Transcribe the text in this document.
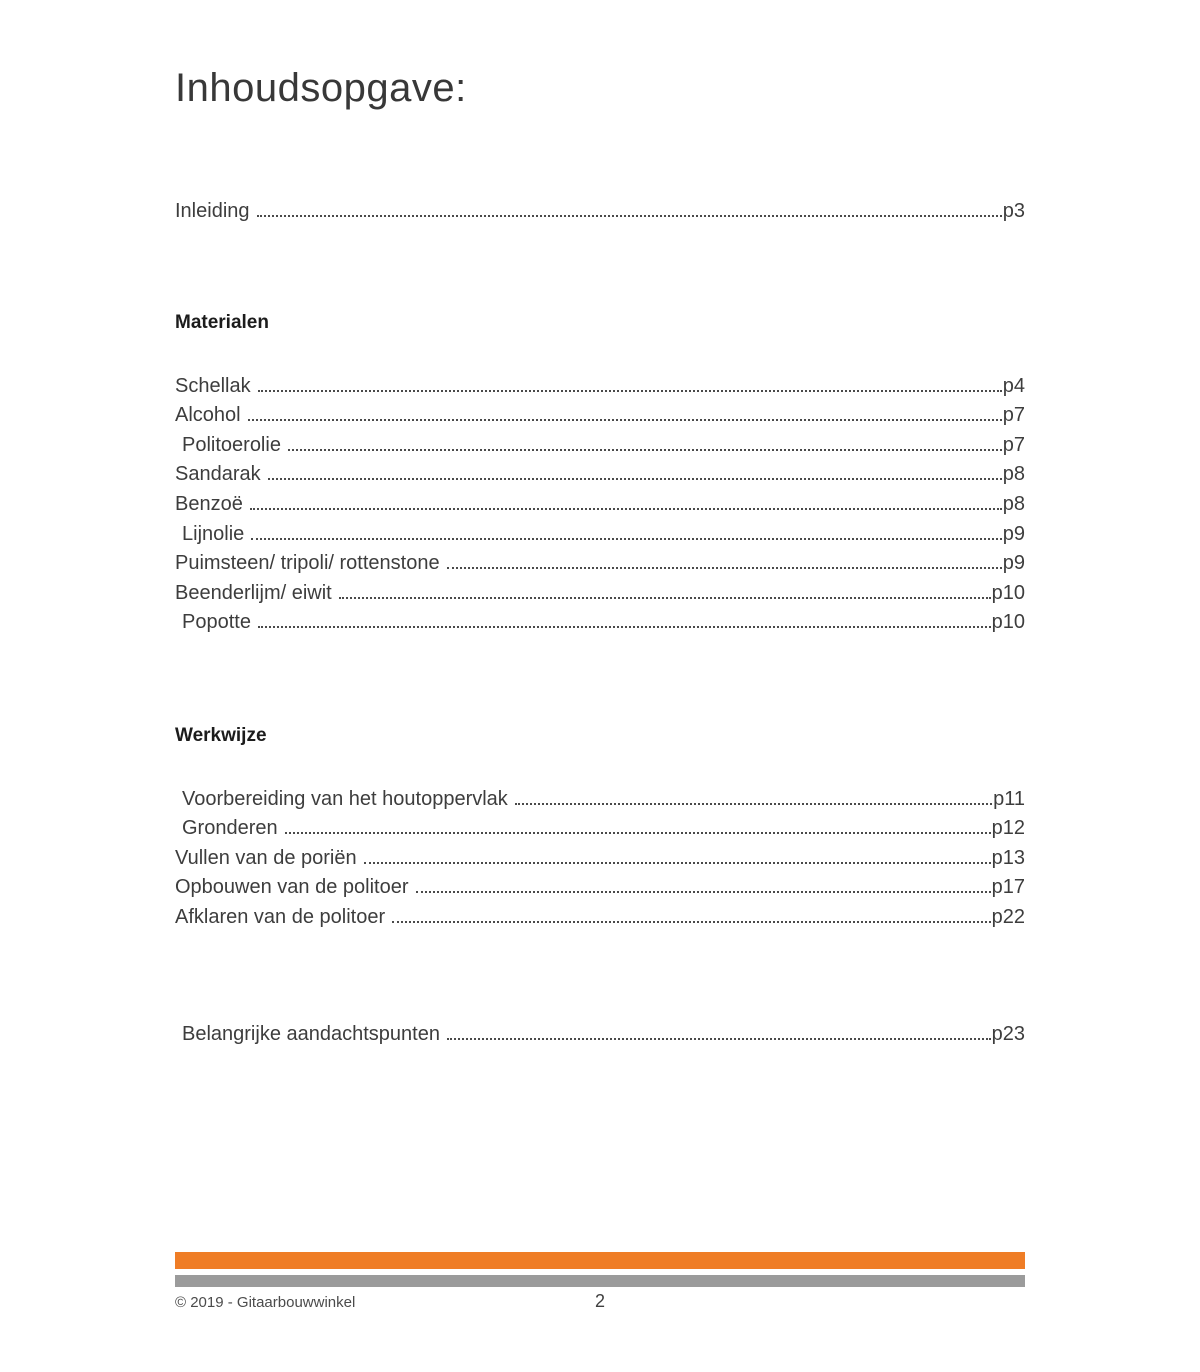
Inhoudsopgave:
Inleiding	p3
Materialen
Schellak	p4
Alcohol	p7
Politoerolie	p7
Sandarak	p8
Benzoë	p8
Lijnolie	p9
Puimsteen/ tripoli/ rottenstone	p9
Beenderlijm/ eiwit	p10
Popotte	p10
Werkwijze
Voorbereiding van het houtoppervlak	p11
Gronderen	p12
Vullen van de poriën	p13
Opbouwen van de politoer	p17
Afklaren van de politoer	p22
Belangrijke aandachtspunten	p23
© 2019 - Gitaarbouwwinkel	2
